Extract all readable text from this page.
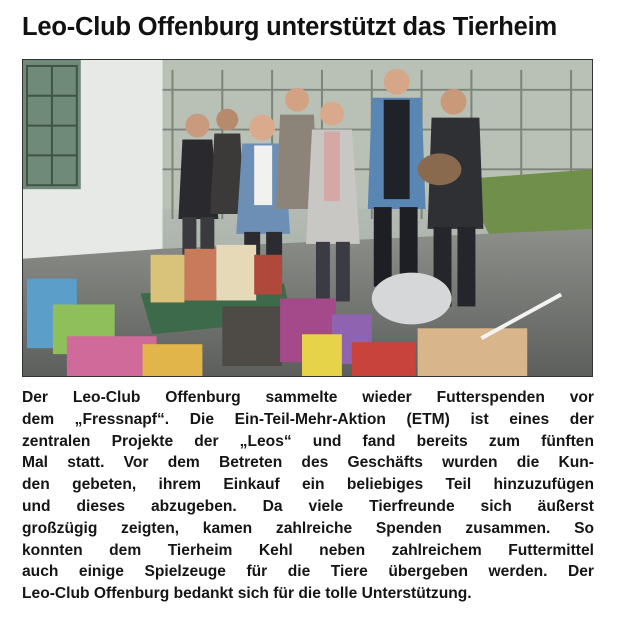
Leo-Club Offenburg unterstützt das Tierheim
Der Leo-Club Offenburg sammelte wieder Futterspenden vor
dem „Fressnapf“. Die Ein-Teil-Mehr-Aktion (ETM) ist eines der
zentralen Projekte der „Leos“ und fand bereits zum fünften
Mal statt. Vor dem Betreten des Geschäfts wurden die Kun-
den gebeten, ihrem Einkauf ein beliebiges Teil hinzuzufügen
und dieses abzugeben. Da viele Tierfreunde sich äußerst
großzügig zeigten, kamen zahlreiche Spenden zusammen. So
konnten dem Tierheim Kehl neben zahlreichem Futtermittel
auch einige Spielzeuge für die Tiere übergeben werden. Der
Leo-Club Offenburg bedankt sich für die tolle Unterstützung.
